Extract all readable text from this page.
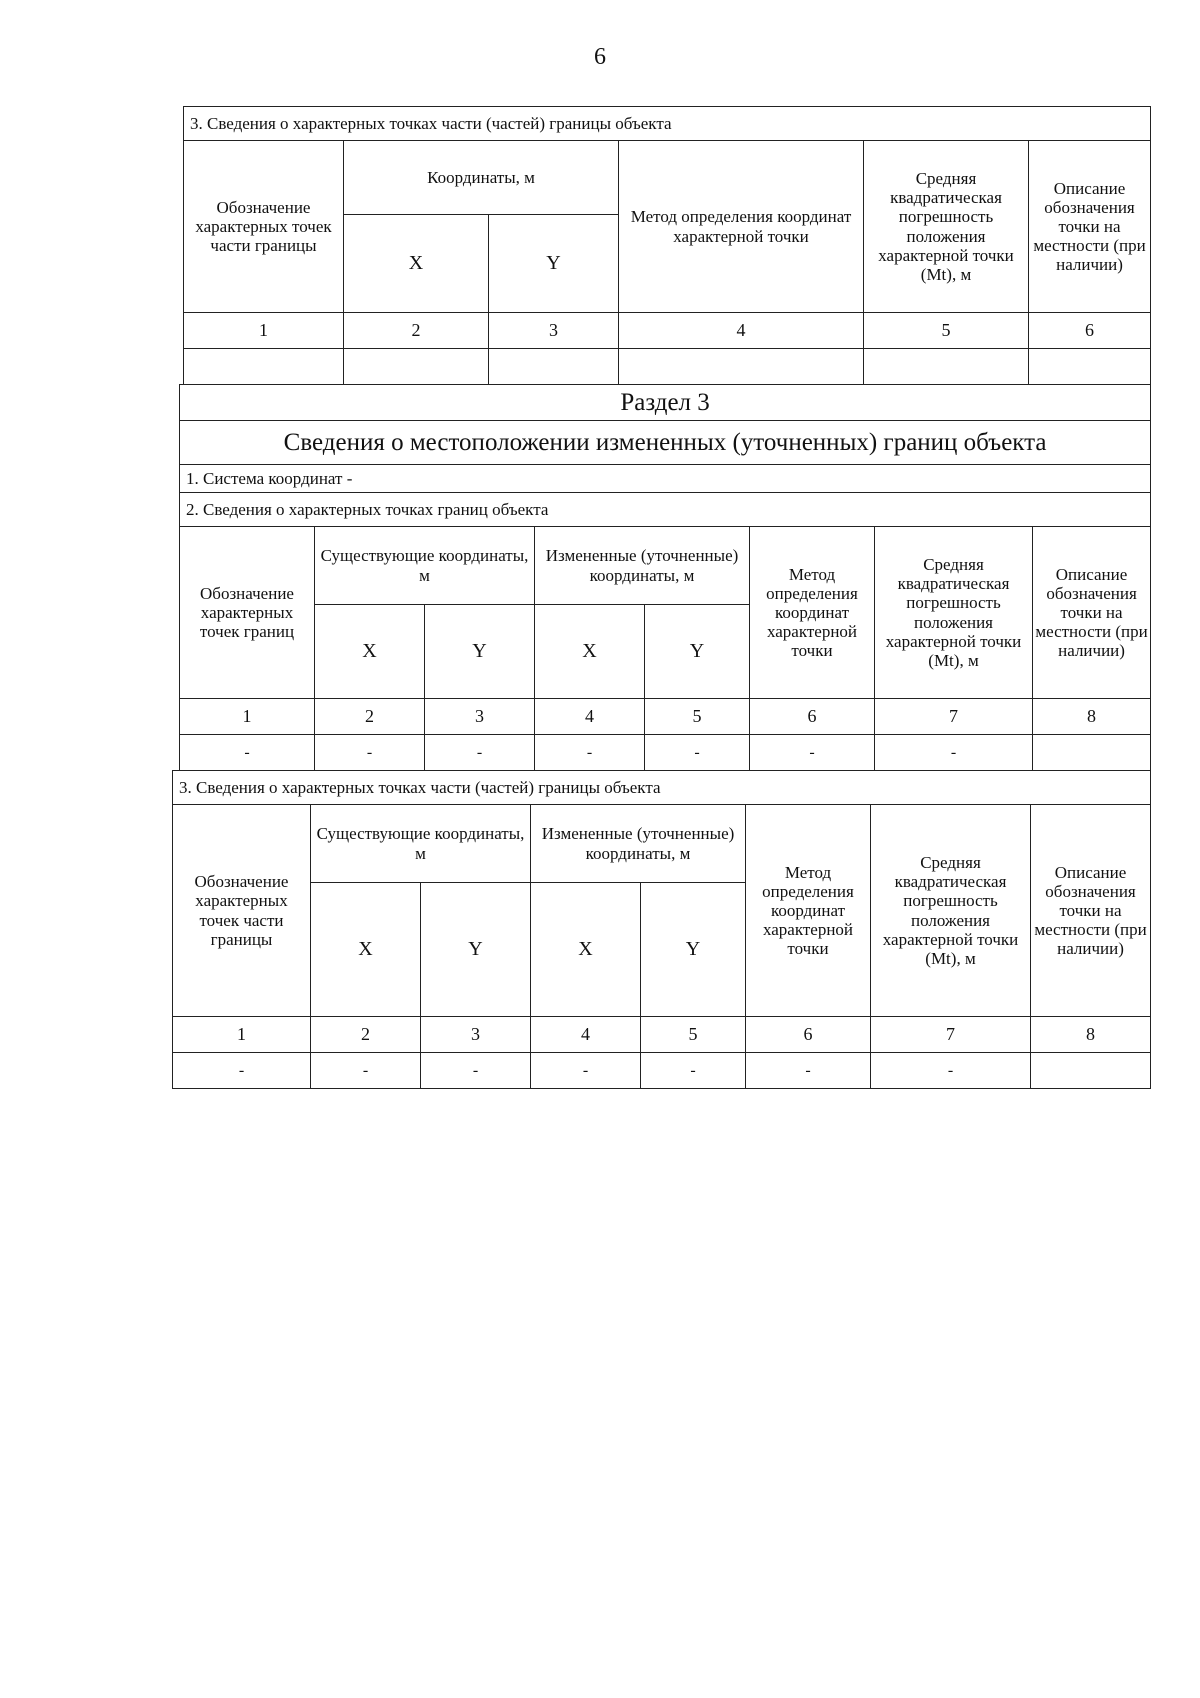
6
3. Сведения о характерных точках части (частей) границы объекта					
Обозначение характерных точек части границы	Координаты, м		Метод определения координат характерной точки	Средняя квадратическая погрешность положения характерной точки (Mt), м	Описание обозначения точки на местности (при наличии)
	X	Y			
1	2	3	4	5	6

Раздел 3							
Сведения о местоположении измененных (уточненных) границ объекта							
1. Система координат -							
2. Сведения о характерных точках границ объекта							
Обозначение характерных точек границ	Существующие координаты, м		Измененные (уточненные) координаты, м		Метод определения координат характерной точки	Средняя квадратическая погрешность положения характерной точки (Mt), м	Описание обозначения точки на местности (при наличии)
	X	Y	X	Y			
1	2	3	4	5	6	7	8
-	-	-	-	-	-	-	
3. Сведения о характерных точках части (частей) границы объекта							
Обозначение характерных точек части границы	Существующие координаты, м		Измененные (уточненные) координаты, м		Метод определения координат характерной точки	Средняя квадратическая погрешность положения характерной точки (Mt), м	Описание обозначения точки на местности (при наличии)
	X	Y	X	Y			
1	2	3	4	5	6	7	8
-	-	-	-	-	-	-	
